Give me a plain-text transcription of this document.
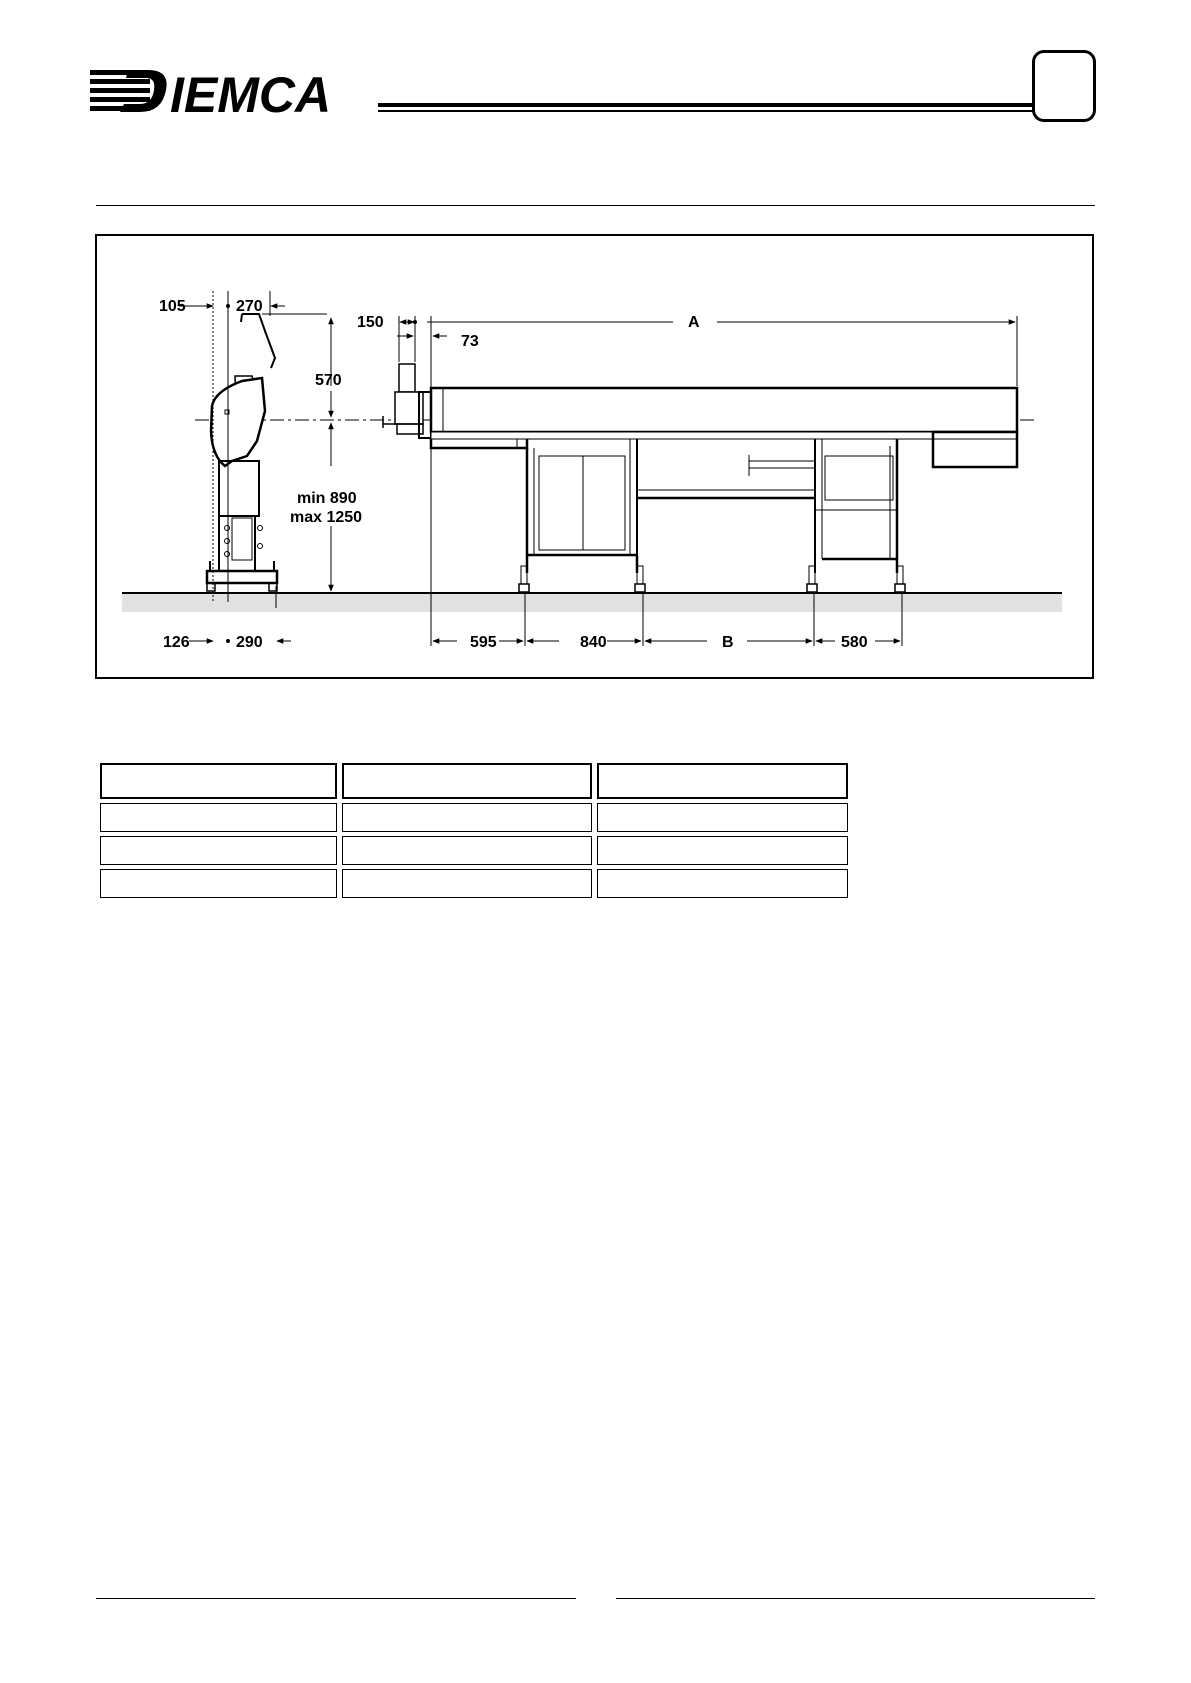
IEMCA
105	270
126	290
570
min 890
max 1250
150	A
73
595	840	B	580
